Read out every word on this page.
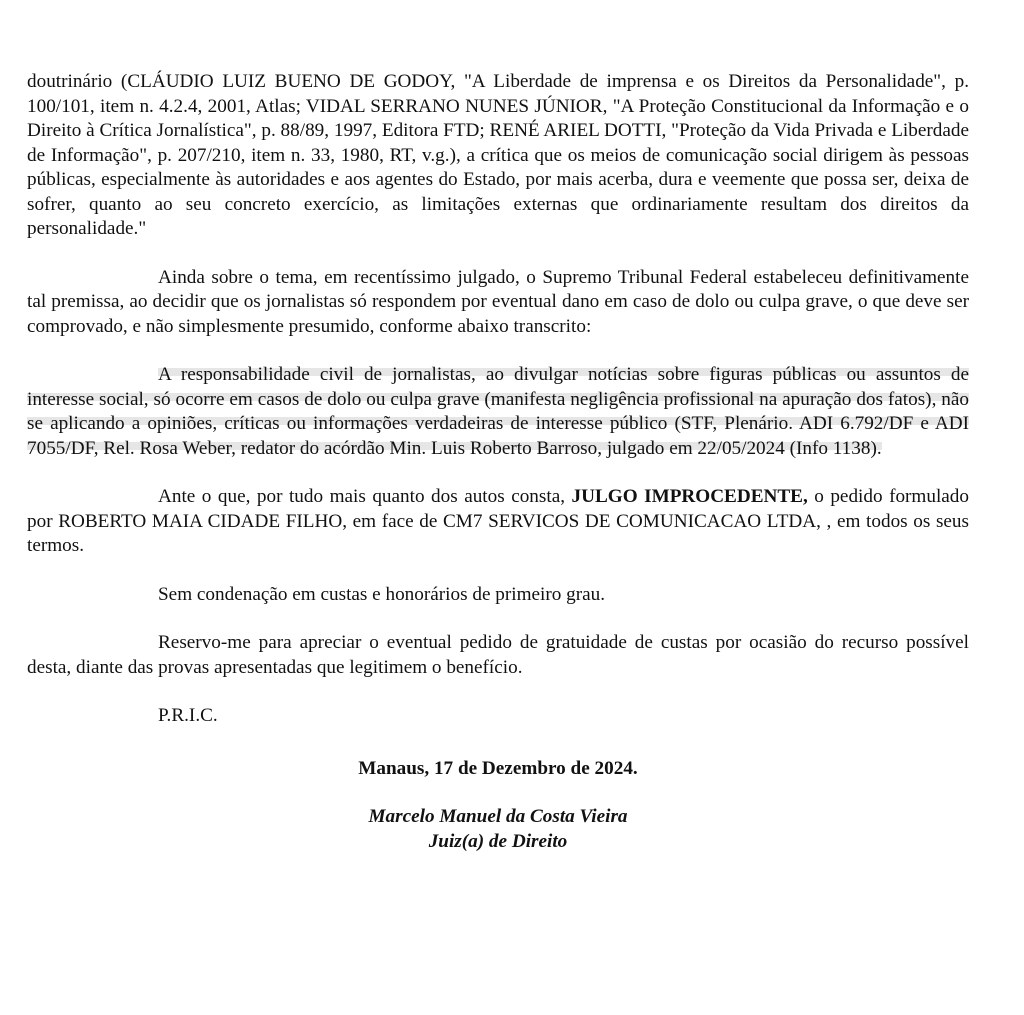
doutrinário (CLÁUDIO LUIZ BUENO DE GODOY, "A Liberdade de imprensa e os Direitos da Personalidade", p. 100/101, item n. 4.2.4, 2001, Atlas; VIDAL SERRANO NUNES JÚNIOR, "A Proteção Constitucional da Informação e o Direito à Crítica Jornalística", p. 88/89, 1997, Editora FTD; RENÉ ARIEL DOTTI, "Proteção da Vida Privada e Liberdade de Informação", p. 207/210, item n. 33, 1980, RT, v.g.), a crítica que os meios de comunicação social dirigem às pessoas públicas, especialmente às autoridades e aos agentes do Estado, por mais acerba, dura e veemente que possa ser, deixa de sofrer, quanto ao seu concreto exercício, as limitações externas que ordinariamente resultam dos direitos da personalidade."

Ainda sobre o tema, em recentíssimo julgado, o Supremo Tribunal Federal estabeleceu definitivamente tal premissa, ao decidir que os jornalistas só respondem por eventual dano em caso de dolo ou culpa grave, o que deve ser comprovado, e não simplesmente presumido, conforme abaixo transcrito:

A responsabilidade civil de jornalistas, ao divulgar notícias sobre figuras públicas ou assuntos de interesse social, só ocorre em casos de dolo ou culpa grave (manifesta negligência profissional na apuração dos fatos), não se aplicando a opiniões, críticas ou informações verdadeiras de interesse público (STF, Plenário. ADI 6.792/DF e ADI 7055/DF, Rel. Rosa Weber, redator do acórdão Min. Luis Roberto Barroso, julgado em 22/05/2024 (Info 1138).

Ante o que, por tudo mais quanto dos autos consta, JULGO IMPROCEDENTE, o pedido formulado por ROBERTO MAIA CIDADE FILHO, em face de CM7 SERVICOS DE COMUNICACAO LTDA, , em todos os seus termos.

Sem condenação em custas e honorários de primeiro grau.

Reservo-me para apreciar o eventual pedido de gratuidade de custas por ocasião do recurso possível desta, diante das provas apresentadas que legitimem o benefício.

P.R.I.C.

Manaus, 17 de Dezembro de 2024.

Marcelo Manuel da Costa Vieira

Juiz(a) de Direito
